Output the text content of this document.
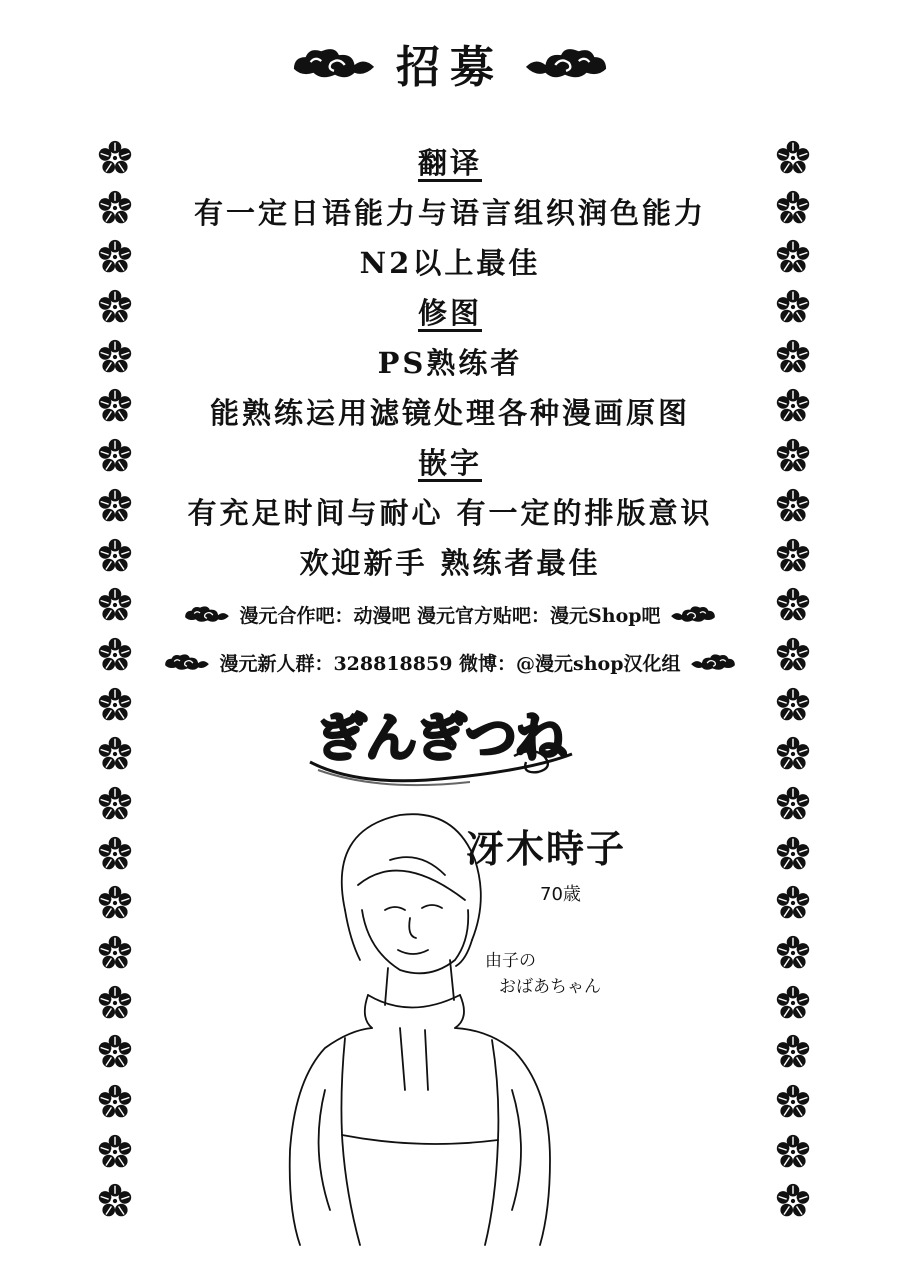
招募
翻译
有一定日语能力与语言组织润色能力
N2以上最佳
修图
PS熟练者
能熟练运用滤镜处理各种漫画原图
嵌字
有充足时间与耐心 有一定的排版意识
欢迎新手 熟练者最佳
漫元合作吧：动漫吧 漫元官方贴吧：漫元Shop吧
漫元新人群：328818859 微博：@漫元shop汉化组
ぎんぎつね
冴木時子
70歳
由子の
おばあちゃん
